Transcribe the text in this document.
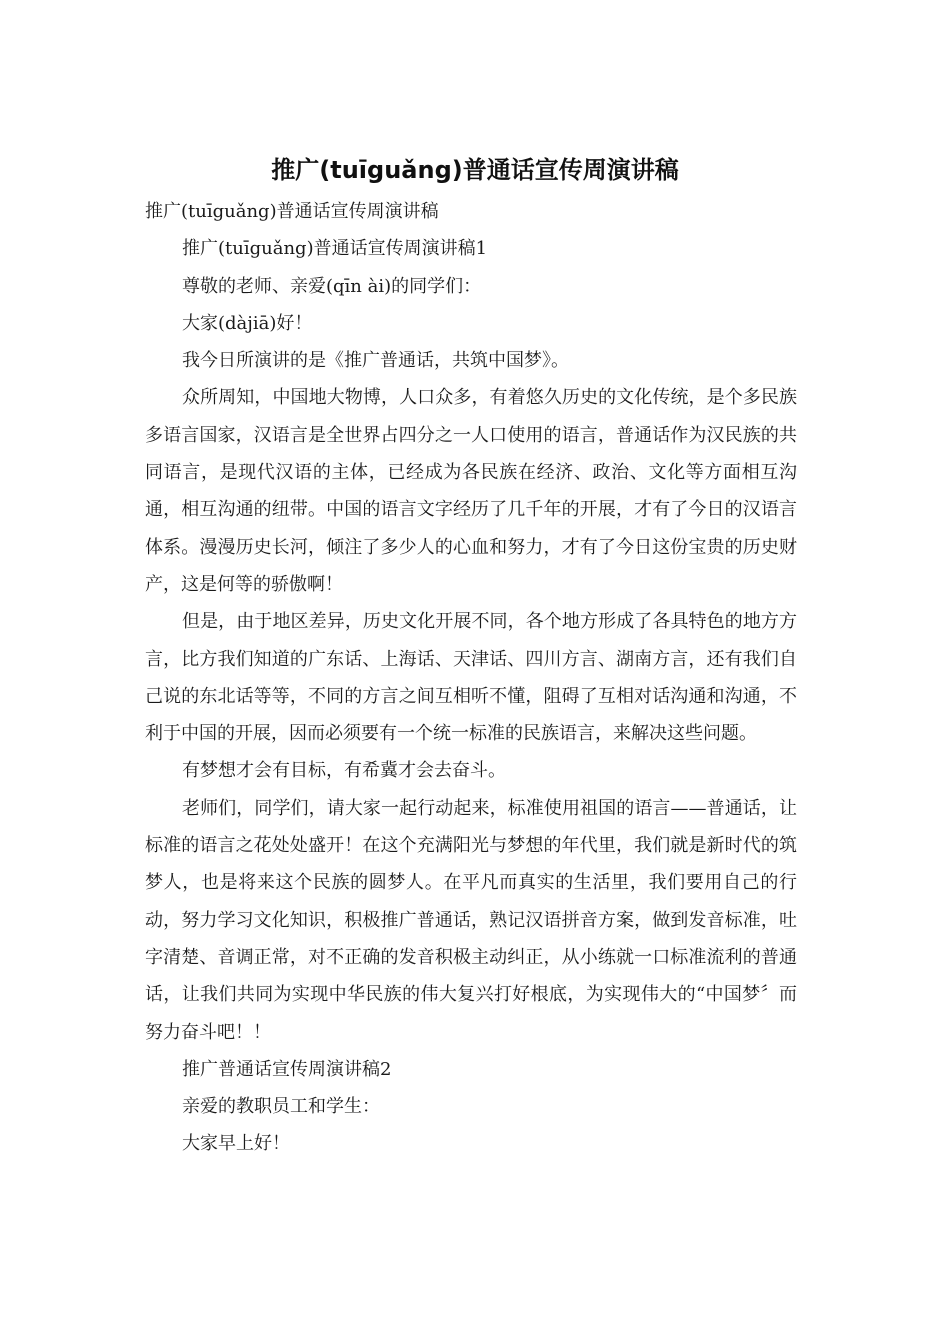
推广(tuīguǎng)普通话宣传周演讲稿

推广(tuīguǎng)普通话宣传周演讲稿

推广(tuīguǎng)普通话宣传周演讲稿1

尊敬的老师、亲爱(qīn ài)的同学们：

大家(dàjiā)好！

我今日所演讲的是《推广普通话，共筑中国梦》。

众所周知，中国地大物博，人口众多，有着悠久历史的文化传统，是个多民族多语言国家，汉语言是全世界占四分之一人口使用的语言，普通话作为汉民族的共同语言，是现代汉语的主体，已经成为各民族在经济、政治、文化等方面相互沟通，相互沟通的纽带。中国的语言文字经历了几千年的开展，才有了今日的汉语言体系。漫漫历史长河，倾注了多少人的心血和努力，才有了今日这份宝贵的历史财产，这是何等的骄傲啊！

但是，由于地区差异，历史文化开展不同，各个地方形成了各具特色的地方方言，比方我们知道的广东话、上海话、天津话、四川方言、湖南方言，还有我们自己说的东北话等等，不同的方言之间互相听不懂，阻碍了互相对话沟通和沟通，不利于中国的开展，因而必须要有一个统一标准的民族语言，来解决这些问题。

有梦想才会有目标，有希冀才会去奋斗。

老师们，同学们，请大家一起行动起来，标准使用祖国的语言——普通话，让标准的语言之花处处盛开！在这个充满阳光与梦想的年代里，我们就是新时代的筑梦人，也是将来这个民族的圆梦人。在平凡而真实的生活里，我们要用自己的行动，努力学习文化知识，积极推广普通话，熟记汉语拼音方案，做到发音标准，吐字清楚、音调正常，对不正确的发音积极主动纠正，从小练就一口标准流利的普通话，让我们共同为实现中华民族的伟大复兴打好根底，为实现伟大的“中国梦〞而努力奋斗吧！！

推广普通话宣传周演讲稿2

亲爱的教职员工和学生：

大家早上好！
